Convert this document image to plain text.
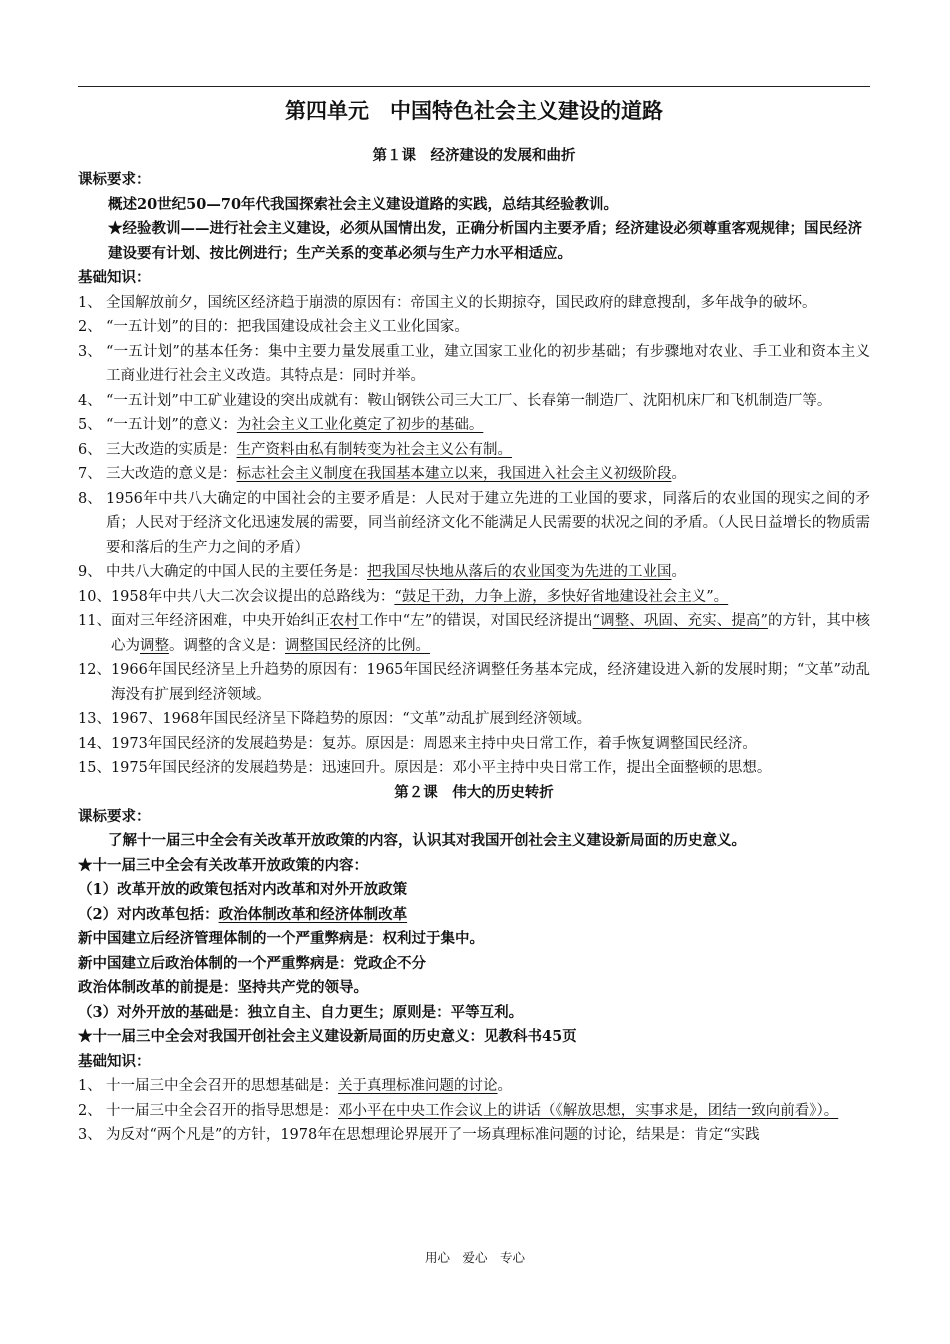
第四单元　中国特色社会主义建设的道路
第１课　经济建设的发展和曲折
课标要求：
概述20世纪50—70年代我国探索社会主义建设道路的实践，总结其经验教训。
★经验教训——进行社会主义建设，必须从国情出发，正确分析国内主要矛盾；经济建设必须尊重客观规律；国民经济建设要有计划、按比例进行；生产关系的变革必须与生产力水平相适应。
基础知识：
1、 全国解放前夕，国统区经济趋于崩溃的原因有：帝国主义的长期掠夺，国民政府的肆意搜刮，多年战争的破坏。
2、 “一五计划”的目的：把我国建设成社会主义工业化国家。
3、 “一五计划”的基本任务：集中主要力量发展重工业，建立国家工业化的初步基础；有步骤地对农业、手工业和资本主义工商业进行社会主义改造。其特点是：同时并举。
4、 “一五计划”中工矿业建设的突出成就有：鞍山钢铁公司三大工厂、长春第一制造厂、沈阳机床厂和飞机制造厂等。
5、 “一五计划”的意义：为社会主义工业化奠定了初步的基础。
6、 三大改造的实质是：生产资料由私有制转变为社会主义公有制。
7、 三大改造的意义是：标志社会主义制度在我国基本建立以来，我国进入社会主义初级阶段。
8、 1956年中共八大确定的中国社会的主要矛盾是：人民对于建立先进的工业国的要求，同落后的农业国的现实之间的矛盾；人民对于经济文化迅速发展的需要，同当前经济文化不能满足人民需要的状况之间的矛盾。（人民日益增长的物质需要和落后的生产力之间的矛盾）
9、 中共八大确定的中国人民的主要任务是：把我国尽快地从落后的农业国变为先进的工业国。
10、 1958年中共八大二次会议提出的总路线为：“鼓足干劲，力争上游，多快好省地建设社会主义”。
11、 面对三年经济困难，中央开始纠正农村工作中“左”的错误，对国民经济提出“调整、巩固、充实、提高”的方针，其中核心为调整。调整的含义是：调整国民经济的比例。
12、 1966年国民经济呈上升趋势的原因有：1965年国民经济调整任务基本完成，经济建设进入新的发展时期；“文革”动乱海没有扩展到经济领域。
13、 1967、1968年国民经济呈下降趋势的原因：“文革”动乱扩展到经济领域。
14、 1973年国民经济的发展趋势是：复苏。原因是：周恩来主持中央日常工作，着手恢复调整国民经济。
15、 1975年国民经济的发展趋势是：迅速回升。原因是：邓小平主持中央日常工作，提出全面整顿的思想。
第２课　伟大的历史转折
课标要求：
了解十一届三中全会有关改革开放政策的内容，认识其对我国开创社会主义建设新局面的历史意义。
★十一届三中全会有关改革开放政策的内容：
（1）改革开放的政策包括对内改革和对外开放政策
（2）对内改革包括：政治体制改革和经济体制改革
新中国建立后经济管理体制的一个严重弊病是：权利过于集中。
新中国建立后政治体制的一个严重弊病是：党政企不分
政治体制改革的前提是：坚持共产党的领导。
（3）对外开放的基础是：独立自主、自力更生；原则是：平等互利。
★十一届三中全会对我国开创社会主义建设新局面的历史意义：见教科书45页
基础知识：
1、 十一届三中全会召开的思想基础是：关于真理标准问题的讨论。
2、 十一届三中全会召开的指导思想是：邓小平在中央工作会议上的讲话（《解放思想，实事求是，团结一致向前看》）。
3、 为反对“两个凡是”的方针，1978年在思想理论界展开了一场真理标准问题的讨论，结果是：肯定“实践
用心　爱心　专心
